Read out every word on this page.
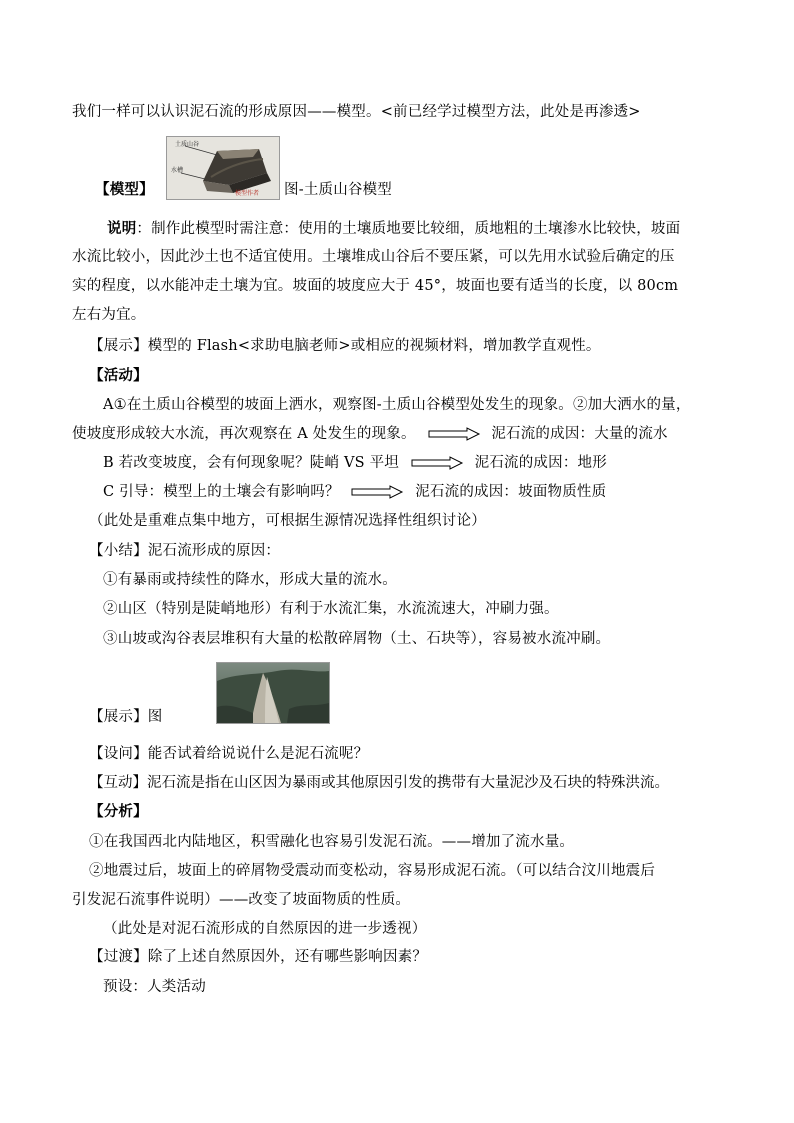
我们一样可以认识泥石流的形成原因——模型。<前已经学过模型方法，此处是再渗透>
土质山谷
水槽
模型作者
【模型】	图-土质山谷模型
说明：制作此模型时需注意：使用的土壤质地要比较细，质地粗的土壤渗水比较快，坡面
水流比较小，因此沙土也不适宜使用。土壤堆成山谷后不要压紧，可以先用水试验后确定的压
实的程度，以水能冲走土壤为宜。坡面的坡度应大于 45°，坡面也要有适当的长度，以 80cm
左右为宜。
【展示】模型的 Flash<求助电脑老师>或相应的视频材料，增加教学直观性。
【活动】
A①在土质山谷模型的坡面上洒水，观察图-土质山谷模型处发生的现象。②加大洒水的量，
使坡度形成较大水流，再次观察在 A 处发生的现象。	泥石流的成因：大量的流水
B 若改变坡度，会有何现象呢？陡峭 VS 平坦	泥石流的成因：地形
C 引导：模型上的土壤会有影响吗？	泥石流的成因：坡面物质性质
（此处是重难点集中地方，可根据生源情况选择性组织讨论）
【小结】泥石流形成的原因：
①有暴雨或持续性的降水，形成大量的流水。
②山区（特别是陡峭地形）有利于水流汇集，水流流速大，冲刷力强。
③山坡或沟谷表层堆积有大量的松散碎屑物（土、石块等），容易被水流冲刷。
【展示】图
【设问】能否试着给说说什么是泥石流呢？
【互动】泥石流是指在山区因为暴雨或其他原因引发的携带有大量泥沙及石块的特殊洪流。
【分析】
①在我国西北内陆地区，积雪融化也容易引发泥石流。——增加了流水量。
②地震过后，坡面上的碎屑物受震动而变松动，容易形成泥石流。（可以结合汶川地震后
引发泥石流事件说明）——改变了坡面物质的性质。
（此处是对泥石流形成的自然原因的进一步透视）
【过渡】除了上述自然原因外，还有哪些影响因素？
预设：人类活动
